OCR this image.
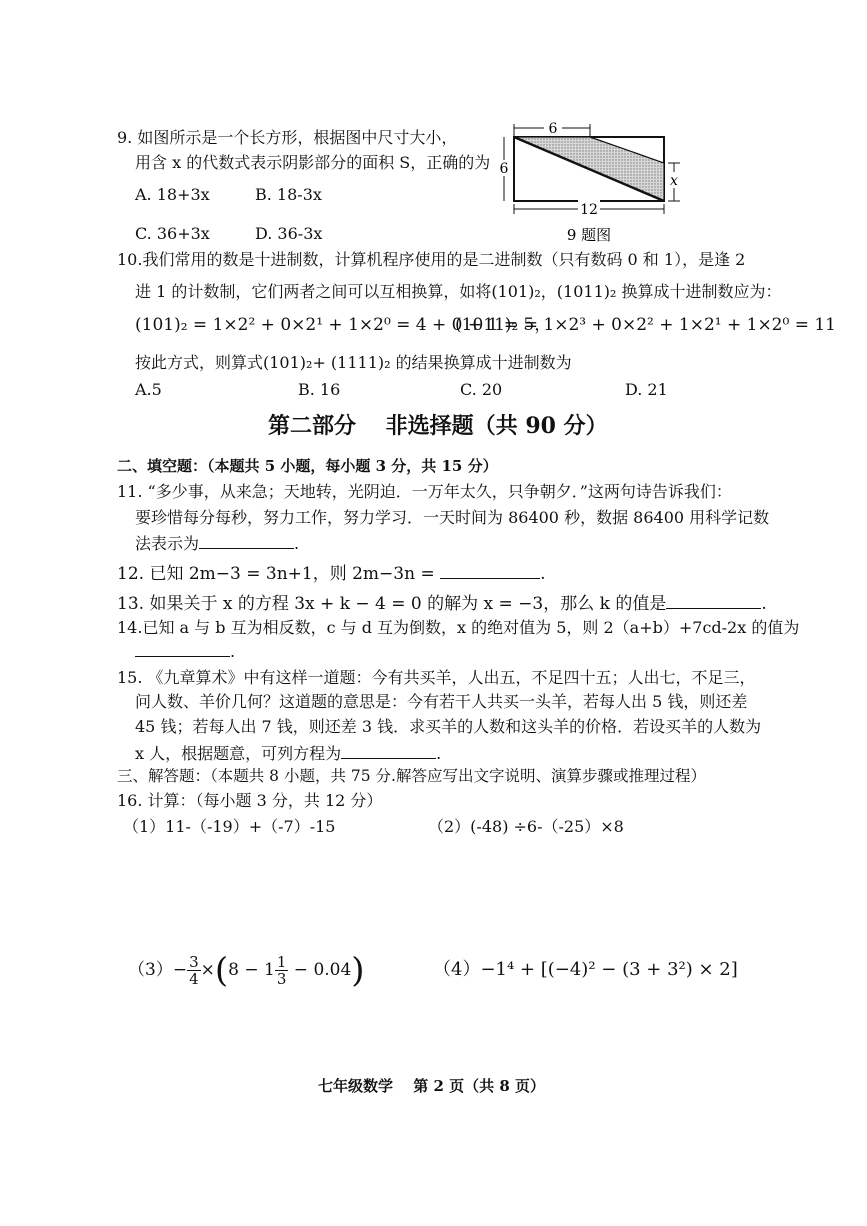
9. 如图所示是一个长方形，根据图中尺寸大小，
用含 x 的代数式表示阴影部分的面积 S，正确的为
A. 18+3x	B. 18-3x
C. 36+3x	D. 36-3x
6
6
x
12
9 题图
10.我们常用的数是十进制数，计算机程序使用的是二进制数（只有数码 0 和 1），是逢 2
进 1 的计数制，它们两者之间可以互相换算，如将(101)₂，(1011)₂ 换算成十进制数应为：
(101)₂ = 1×2² + 0×2¹ + 1×2⁰ = 4 + 0 + 1 = 5，
(1011)₂ = 1×2³ + 0×2² + 1×2¹ + 1×2⁰ = 11
按此方式，则算式(101)₂+ (1111)₂ 的结果换算成十进制数为
A.5	B. 16	C. 20	D. 21
第二部分　 非选择题（共 90 分）
二、填空题：（本题共 5 小题，每小题 3 分，共 15 分）
11. “多少事，从来急；天地转，光阴迫．一万年太久，只争朝夕．”这两句诗告诉我们：
要珍惜每分每秒，努力工作，努力学习．一天时间为 86400 秒，数据 86400 用科学记数
法表示为	.
12. 已知 2m−3 = 3n+1，则 2m−3n =	.
13. 如果关于 x 的方程 3x + k − 4 = 0 的解为 x = −3，那么 k 的值是	.
14.已知 a 与 b 互为相反数，c 与 d 互为倒数，x 的绝对值为 5，则 2（a+b）+7cd-2x 的值为
.
15. 《九章算术》中有这样一道题：今有共买羊，人出五，不足四十五；人出七，不足三，
问人数、羊价几何？这道题的意思是：今有若干人共买一头羊，若每人出 5 钱，则还差
45 钱；若每人出 7 钱，则还差 3 钱．求买羊的人数和这头羊的价格．若设买羊的人数为
x 人，根据题意，可列方程为	.
三、解答题：（本题共 8 小题，共 75 分.解答应写出文字说明、演算步骤或推理过程）
16. 计算：（每小题 3 分，共 12 分）
（1）11-（-19）+（-7）-15	（2）(-48) ÷6-（-25）×8
$(3)- \frac{3}{4} \times(8 - 1 \frac{1}{3} - 0.04)$	（4）−1⁴ + [(−4)² − (3 + 3²) × 2]
七年级数学　 第 2 页（共 8 页）
